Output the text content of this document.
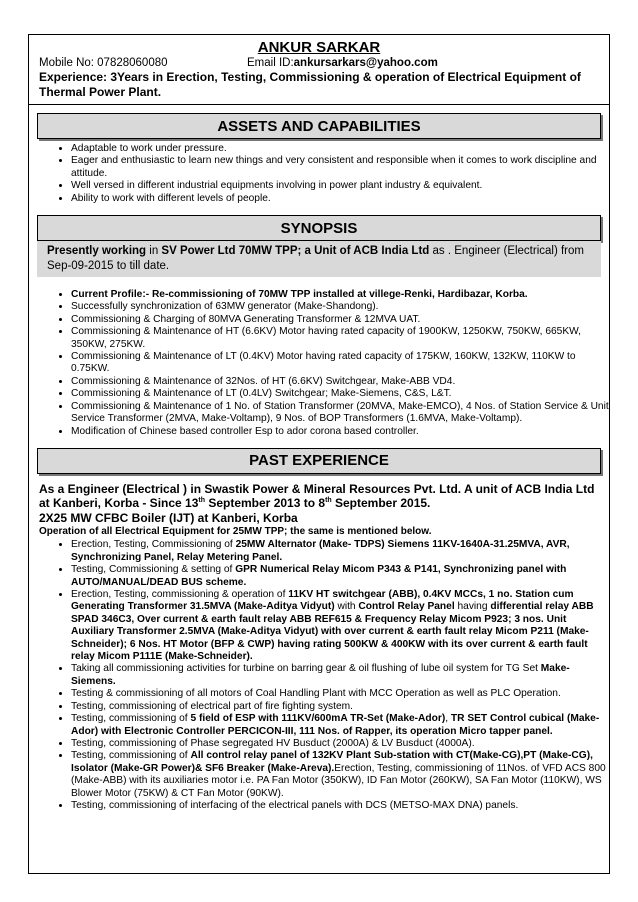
ANKUR SARKAR
Mobile No: 07828060080	Email ID:ankursarkars@yahoo.com
Experience: 3Years in Erection, Testing, Commissioning & operation of Electrical Equipment of Thermal Power Plant.
ASSETS AND CAPABILITIES
• Adaptable to work under pressure.
• Eager and enthusiastic to learn new things and very consistent and responsible when it comes to work discipline and attitude.
• Well versed in different industrial equipments involving in power plant industry & equivalent.
• Ability to work with different levels of people.
SYNOPSIS
Presently working in SV Power Ltd 70MW TPP; a Unit of ACB India Ltd as . Engineer (Electrical) from Sep-09-2015 to till date.
• Current Profile:- Re-commissioning of 70MW TPP installed at villege-Renki, Hardibazar, Korba.
• Successfully synchronization of 63MW generator (Make-Shandong).
• Commissioning & Charging of 80MVA Generating Transformer & 12MVA UAT.
• Commissioning & Maintenance of HT (6.6KV) Motor having rated capacity of 1900KW, 1250KW, 750KW, 665KW, 350KW, 275KW.
• Commissioning & Maintenance of LT (0.4KV) Motor having rated capacity of 175KW, 160KW, 132KW, 110KW to 0.75KW.
• Commissioning & Maintenance of 32Nos. of HT (6.6KV) Switchgear, Make-ABB VD4.
• Commissioning & Maintenance of LT (0.4LV) Switchgear; Make-Siemens, C&S, L&T.
• Commissioning & Maintenance of 1 No. of Station Transformer (20MVA, Make-EMCO), 4 Nos. of Station Service & Unit Service Transformer (2MVA, Make-Voltamp), 9 Nos. of BOP Transformers (1.6MVA, Make-Voltamp).
• Modification of Chinese based controller Esp to ador corona based controller.
PAST EXPERIENCE
As a Engineer (Electrical ) in Swastik Power & Mineral Resources Pvt. Ltd. A unit of ACB India Ltd
at Kanberi, Korba - Since 13th September 2013 to 8th September 2015.
2X25 MW CFBC Boiler (IJT) at Kanberi, Korba
Operation of all Electrical Equipment for 25MW TPP; the same is mentioned below.
• Erection, Testing, Commissioning of 25MW Alternator (Make- TDPS) Siemens 11KV-1640A-31.25MVA, AVR, Synchronizing Panel, Relay Metering Panel.
• Testing, Commissioning & setting of GPR Numerical Relay Micom P343 & P141, Synchronizing panel with AUTO/MANUAL/DEAD BUS scheme.
• Erection, Testing, commissioning & operation of 11KV HT switchgear (ABB), 0.4KV MCCs, 1 no. Station cum Generating Transformer 31.5MVA (Make-Aditya Vidyut) with Control Relay Panel having differential relay ABB SPAD 346C3, Over current & earth fault relay ABB REF615 & Frequency Relay Micom P923; 3 nos. Unit Auxiliary Transformer 2.5MVA (Make-Aditya Vidyut) with over current & earth fault relay Micom P211 (Make-Schneider); 6 Nos. HT Motor (BFP & CWP) having rating 500KW & 400KW with its over current & earth fault relay Micom P111E (Make-Schneider).
• Taking all commissioning activities for turbine on barring gear & oil flushing of lube oil system for TG Set Make- Siemens.
• Testing & commissioning of all motors of Coal Handling Plant with MCC Operation as well as PLC Operation.
• Testing, commissioning of electrical part of fire fighting system.
• Testing, commissioning of 5 field of ESP with 111KV/600mA TR-Set (Make-Ador), TR SET Control cubical (Make-Ador) with Electronic Controller PERCICON-III, 111 Nos. of Rapper, its operation Micro tapper panel.
• Testing, commissioning of Phase segregated HV Busduct (2000A) & LV Busduct (4000A).
• Testing, commissioning of All control relay panel of 132KV Plant Sub-station with CT(Make-CG),PT (Make-CG), Isolator (Make-GR Power)& SF6 Breaker (Make-Areva).Erection, Testing, commissioning of 11Nos. of VFD ACS 800 (Make-ABB) with its auxiliaries motor i.e. PA Fan Motor (350KW), ID Fan Motor (260KW), SA Fan Motor (110KW), WS Blower Motor (75KW) & CT Fan Motor (90KW).
• Testing, commissioning of interfacing of the electrical panels with DCS (METSO-MAX DNA) panels.
